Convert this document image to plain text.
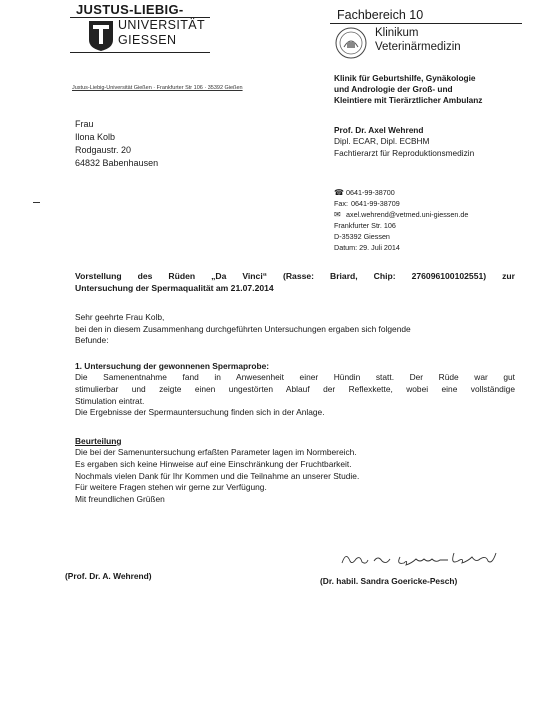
JUSTUS-LIEBIG-
UNIVERSITÄT
GIESSEN
Fachbereich 10
Klinikum
Veterinärmedizin
Justus-Liebig-Universität Gießen · Frankfurter Str 106 · 35392 Gießen
Klinik für Geburtshilfe, Gynäkologie
und Andrologie der Groß- und
Kleintiere mit Tierärztlicher Ambulanz
Frau
Ilona Kolb
Rodgaustr. 20
64832 Babenhausen
Prof. Dr. Axel Wehrend
Dipl. ECAR, Dipl. ECBHM
Fachtierarzt für Reproduktionsmedizin
☎ 0641-99-38700
Fax: 0641-99-38709
✉ axel.wehrend@vetmed.uni-giessen.de
Frankfurter Str. 106
D-35392 Giessen
Datum: 29. Juli 2014
Vorstellung des Rüden „Da Vinci“ (Rasse: Briard, Chip: 276096100102551) zur
Untersuchung der Spermaqualität am 21.07.2014

Sehr geehrte Frau Kolb,

bei den in diesem Zusammenhang durchgeführten Untersuchungen ergaben sich folgende

Befunde:

1. Untersuchung der gewonnenen Spermaprobe:

Die Samenentnahme fand in Anwesenheit einer Hündin statt. Der Rüde war gut

stimulierbar und zeigte einen ungestörten Ablauf der Reflexkette, wobei eine vollständige

Stimulation eintrat.

Die Ergebnisse der Spermauntersuchung finden sich in der Anlage.

Beurteilung

Die bei der Samenuntersuchung erfaßten Parameter lagen im Normbereich.

Es ergaben sich keine Hinweise auf eine Einschränkung der Fruchtbarkeit.

Nochmals vielen Dank für Ihr Kommen und die Teilnahme an unserer Studie.

Für weitere Fragen stehen wir gerne zur Verfügung.

Mit freundlichen Grüßen

(Prof. Dr. A. Wehrend)	(Dr. habil. Sandra Goericke-Pesch)
